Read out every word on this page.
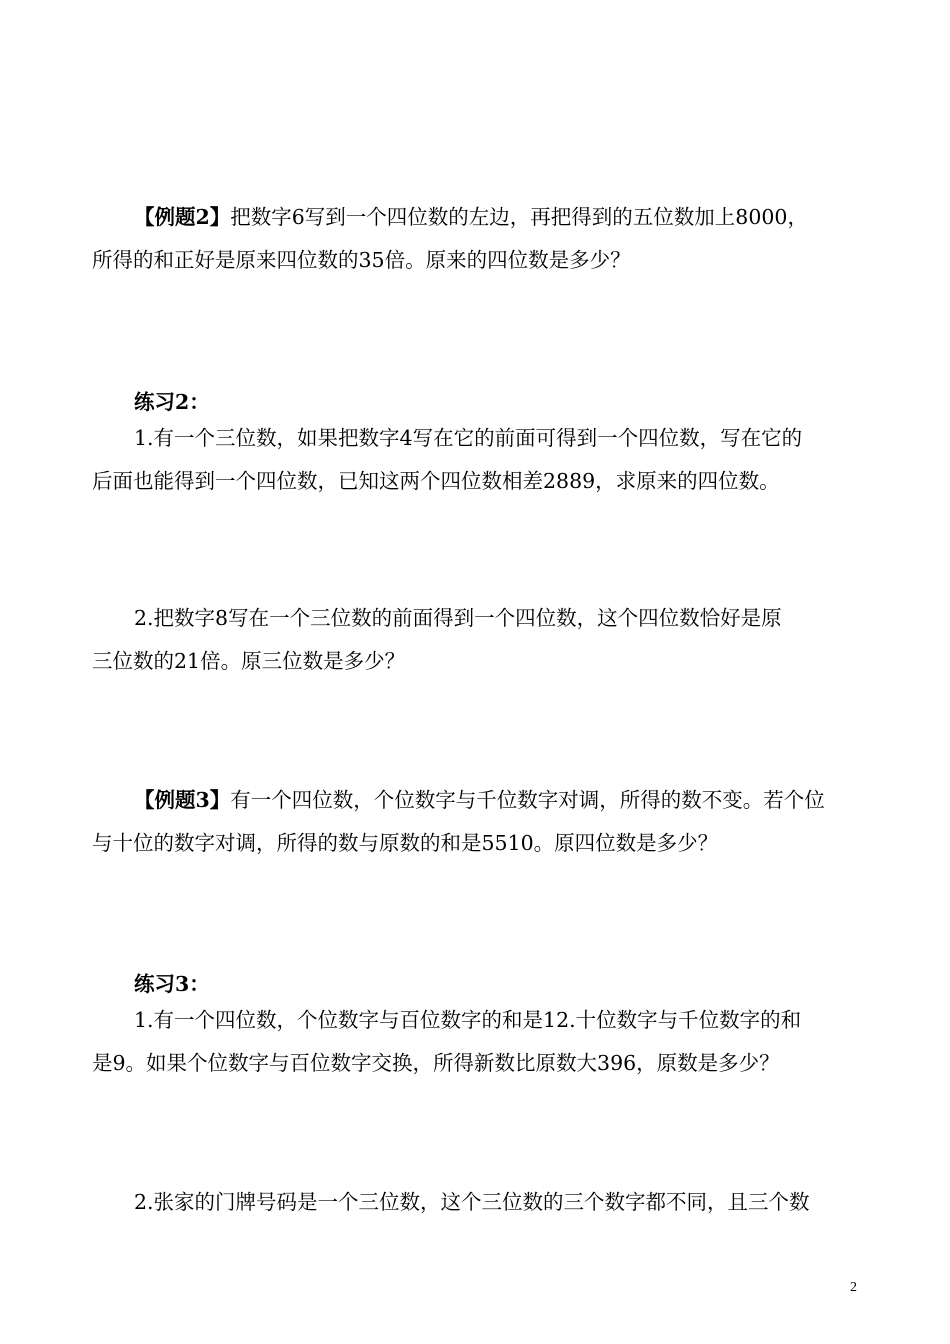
【例题2】把数字6写到一个四位数的左边，再把得到的五位数加上8000，
所得的和正好是原来四位数的35倍。原来的四位数是多少？
练习2：
1.有一个三位数，如果把数字4写在它的前面可得到一个四位数，写在它的
后面也能得到一个四位数，已知这两个四位数相差2889，求原来的四位数。
2.把数字8写在一个三位数的前面得到一个四位数，这个四位数恰好是原
三位数的21倍。原三位数是多少？
【例题3】有一个四位数，个位数字与千位数字对调，所得的数不变。若个位
与十位的数字对调，所得的数与原数的和是5510。原四位数是多少？
练习3：
1.有一个四位数，个位数字与百位数字的和是12.十位数字与千位数字的和
是9。如果个位数字与百位数字交换，所得新数比原数大396，原数是多少？
2.张家的门牌号码是一个三位数，这个三位数的三个数字都不同，且三个数
2
